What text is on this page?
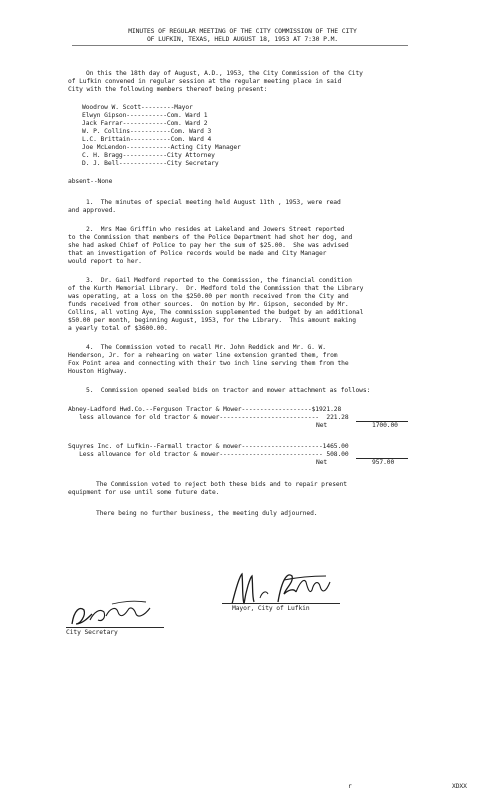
MINUTES OF REGULAR MEETING OF THE CITY COMMISSION OF THE CITY
OF LUFKIN, TEXAS, HELD AUGUST 18, 1953 AT 7:30 P.M.
On this the 18th day of August, A.D., 1953, the City Commission of the City
of Lufkin convened in regular session at the regular meeting place in said
City with the following members thereof being present:
Woodrow W. Scott---------Mayor
Elwyn Gipson-----------Com. Ward 1
Jack Farrar------------Com. Ward 2
W. P. Collins-----------Com. Ward 3
L.C. Brittain-----------Com. Ward 4
Joe McLendon------------Acting City Manager
C. H. Bragg------------City Attorney
D. J. Bell-------------City Secretary
absent--None
1.  The minutes of special meeting held August 11th , 1953, were read
and approved.
2.  Mrs Mae Griffin who resides at Lakeland and Jowers Street reported
to the Commission that members of the Police Department had shot her dog, and
she had asked Chief of Police to pay her the sum of $25.00.  She was advised
that an investigation of Police records would be made and City Manager
would report to her.
3.  Dr. Gail Medford reported to the Commission, the financial condition
of the Kurth Memorial Library.  Dr. Medford told the Commission that the Library
was operating, at a loss on the $250.00 per month received from the City and
funds received from other sources.  On motion by Mr. Gipson, seconded by Mr.
Collins, all voting Aye, The commission supplemented the budget by an additional
$50.00 per month, beginning August, 1953, for the Library.  This amount making
a yearly total of $3600.00.
4.  The Commission voted to recall Mr. John Reddick and Mr. G. W.
Henderson, Jr. for a rehearing on water line extension granted them, from
Fox Point area and connecting with their two inch line serving them from the
Houston Highway.
5.  Commission opened sealed bids on tractor and mower attachment as follows:
Abney-Ladford Hwd.Co.--Ferguson Tractor & Mower-------------------$1921.28
less allowance for old tractor & mower---------------------------  221.28
Net	1700.00
Squyres Inc. of Lufkin--Farmall tractor & mower----------------------1465.00
Less allowance for old tractor & mower---------------------------- 508.00
Net	957.00
The Commission voted to reject both these bids and to repair present
equipment for use until some future date.
There being no further business, the meeting duly adjourned.
Mayor, City of Lufkin
City Secretary
r	XDXX
